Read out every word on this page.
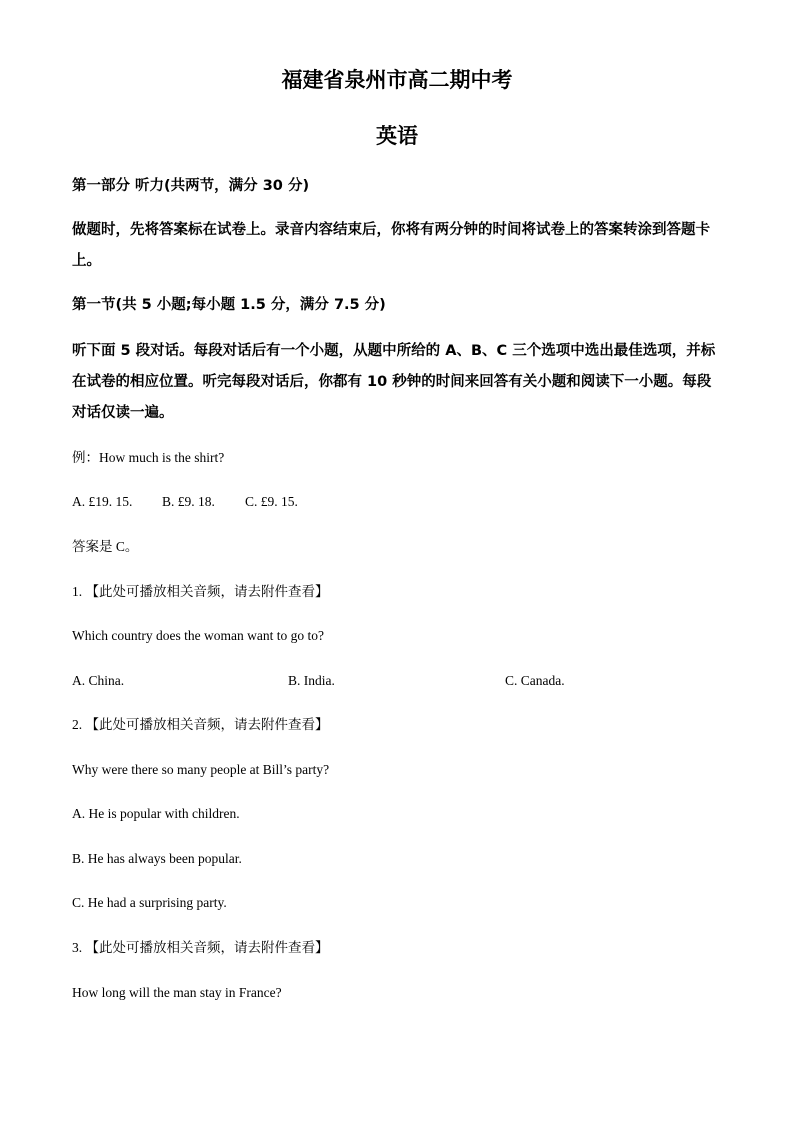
福建省泉州市高二期中考
英语
第一部分 听力(共两节，满分 30 分)
做题时，先将答案标在试卷上。录音内容结束后，你将有两分钟的时间将试卷上的答案转涂到答题卡上。
第一节(共 5 小题;每小题 1.5 分，满分 7.5 分)
听下面 5 段对话。每段对话后有一个小题，从题中所给的 A、B、C 三个选项中选出最佳选项，并标在试卷的相应位置。听完每段对话后，你都有 10 秒钟的时间来回答有关小题和阅读下一小题。每段对话仅读一遍。
例：How much is the shirt?
A. £19. 15. B. £9. 18. C. £9. 15.
答案是 C。
1. 【此处可播放相关音频，请去附件查看】
Which country does the woman want to go to?
A. China.	B. India.	C. Canada.
2. 【此处可播放相关音频，请去附件查看】
Why were there so many people at Bill’s party?
A. He is popular with children.
B. He has always been popular.
C. He had a surprising party.
3. 【此处可播放相关音频，请去附件查看】
How long will the man stay in France?
